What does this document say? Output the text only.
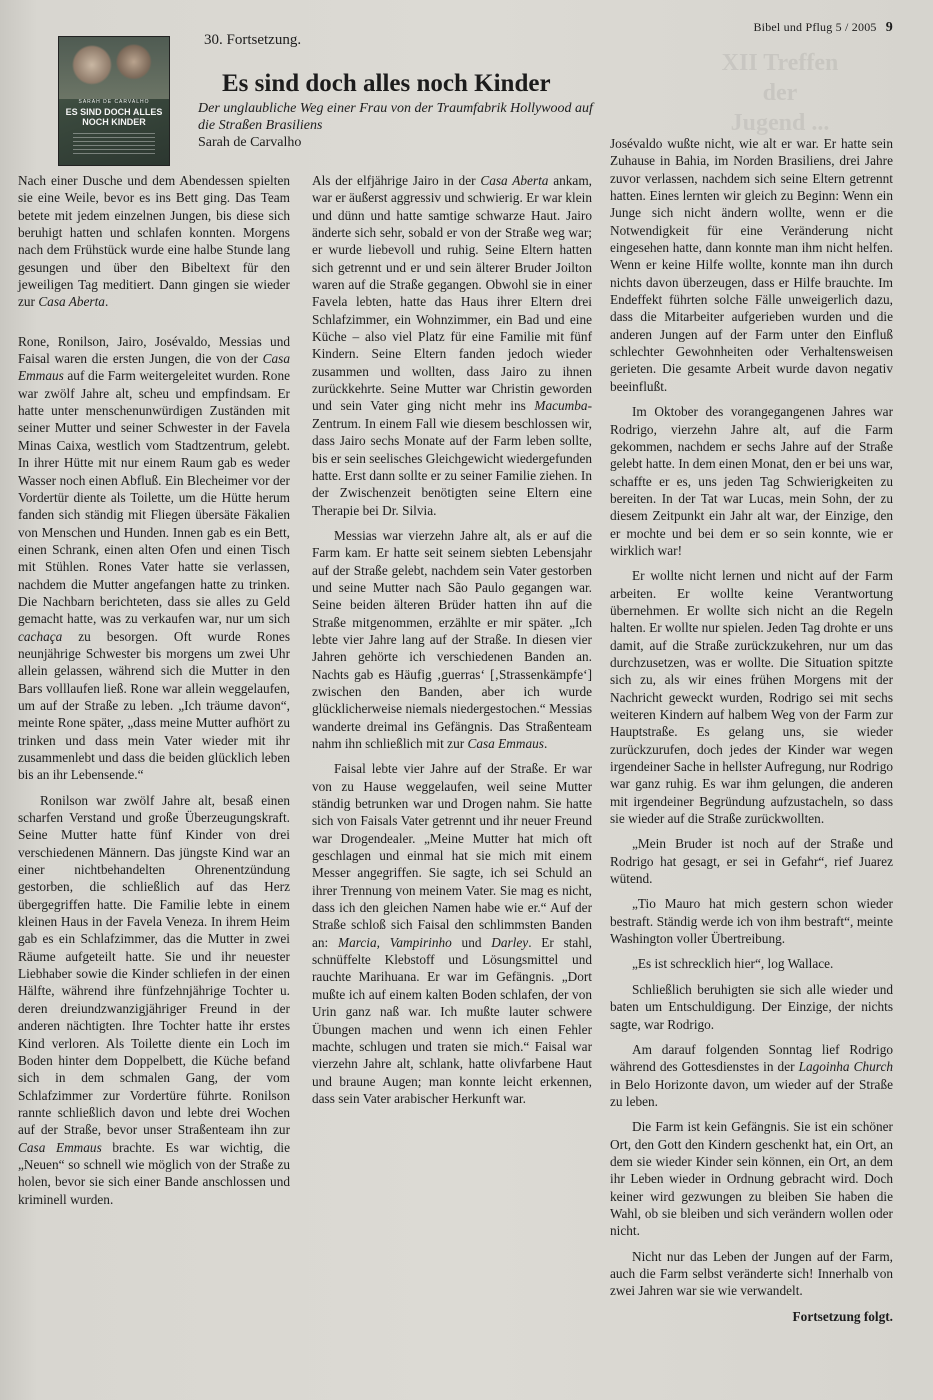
XII Treffen
der
Jugend ...
Bibel und Pflug 5 / 2005 9
SARAH DE CARVALHO
ES SIND DOCH ALLES
NOCH KINDER
30. Fortsetzung.
Es sind doch alles noch Kinder
Der unglaubliche Weg einer Frau von der Traumfabrik Hollywood auf die Straßen Brasiliens
Sarah de Carvalho

Nach einer Dusche und dem Abendessen spielten sie eine Weile, bevor es ins Bett ging. Das Team betete mit jedem einzelnen Jungen, bis diese sich beruhigt hatten und schlafen konnten. Morgens nach dem Frühstück wurde eine halbe Stunde lang gesungen und über den Bibeltext für den jeweiligen Tag meditiert. Dann gingen sie wieder zur Casa Aberta.

Rone, Ronilson, Jairo, Josévaldo, Messias und Faisal waren die ersten Jungen, die von der Casa Emmaus auf die Farm weitergeleitet wurden. Rone war zwölf Jahre alt, scheu und empfindsam. Er hatte unter menschenunwürdigen Zuständen mit seiner Mutter und seiner Schwester in der Favela Minas Caixa, westlich vom Stadtzentrum, gelebt. In ihrer Hütte mit nur einem Raum gab es weder Wasser noch einen Abfluß. Ein Blecheimer vor der Vordertür diente als Toilette, um die Hütte herum fanden sich ständig mit Fliegen übersäte Fäkalien von Menschen und Hunden. Innen gab es ein Bett, einen Schrank, einen alten Ofen und einen Tisch mit Stühlen. Rones Vater hatte sie verlassen, nachdem die Mutter angefangen hatte zu trinken. Die Nachbarn berichteten, dass sie alles zu Geld gemacht hatte, was zu verkaufen war, nur um sich cachaça zu besorgen. Oft wurde Rones neunjährige Schwester bis morgens um zwei Uhr allein gelassen, während sich die Mutter in den Bars volllaufen ließ. Rone war allein weggelaufen, um auf der Straße zu leben. „Ich träume davon“, meinte Rone später, „dass meine Mutter aufhört zu trinken und dass mein Vater wieder mit ihr zusammenlebt und dass die beiden glücklich leben bis an ihr Lebensende.“

Ronilson war zwölf Jahre alt, besaß einen scharfen Verstand und große Überzeugungskraft. Seine Mutter hatte fünf Kinder von drei verschiedenen Männern. Das jüngste Kind war an einer nichtbehandelten Ohrenentzündung gestorben, die schließlich auf das Herz übergegriffen hatte. Die Familie lebte in einem kleinen Haus in der Favela Veneza. In ihrem Heim gab es ein Schlafzimmer, das die Mutter in zwei Räume aufgeteilt hatte. Sie und ihr neuester Liebhaber sowie die Kinder schliefen in der einen Hälfte, während ihre fünfzehnjährige Tochter u. deren dreiundzwanzigjähriger Freund in der anderen nächtigten. Ihre Tochter hatte ihr erstes Kind verloren. Als Toilette diente ein Loch im Boden hinter dem Doppelbett, die Küche befand sich in dem schmalen Gang, der vom Schlafzimmer zur Vordertüre führte. Ronilson rannte schließlich davon und lebte drei Wochen auf der Straße, bevor unser Straßenteam ihn zur Casa Emmaus brachte. Es war wichtig, die „Neuen“ so schnell wie möglich von der Straße zu holen, bevor sie sich einer Bande anschlossen und kriminell wurden.

Als der elfjährige Jairo in der Casa Aberta ankam, war er äußerst aggressiv und schwierig. Er war klein und dünn und hatte samtige schwarze Haut. Jairo änderte sich sehr, sobald er von der Straße weg war; er wurde liebevoll und ruhig. Seine Eltern hatten sich getrennt und er und sein älterer Bruder Joilton waren auf die Straße gegangen. Obwohl sie in einer Favela lebten, hatte das Haus ihrer Eltern drei Schlafzimmer, ein Wohnzimmer, ein Bad und eine Küche – also viel Platz für eine Familie mit fünf Kindern. Seine Eltern fanden jedoch wieder zusammen und wollten, dass Jairo zu ihnen zurückkehrte. Seine Mutter war Christin geworden und sein Vater ging nicht mehr ins Macumba-Zentrum. In einem Fall wie diesem beschlossen wir, dass Jairo sechs Monate auf der Farm leben sollte, bis er sein seelisches Gleichgewicht wiedergefunden hatte. Erst dann sollte er zu seiner Familie ziehen. In der Zwischenzeit benötigten seine Eltern eine Therapie bei Dr. Silvia.

Messias war vierzehn Jahre alt, als er auf die Farm kam. Er hatte seit seinem siebten Lebensjahr auf der Straße gelebt, nachdem sein Vater gestorben und seine Mutter nach São Paulo gegangen war. Seine beiden älteren Brüder hatten ihn auf die Straße mitgenommen, erzählte er mir später. „Ich lebte vier Jahre lang auf der Straße. In diesen vier Jahren gehörte ich verschiedenen Banden an. Nachts gab es Häufig ‚guerras‘ [‚Strassenkämpfe‘] zwischen den Banden, aber ich wurde glücklicherweise niemals niedergestochen.“ Messias wanderte dreimal ins Gefängnis. Das Straßenteam nahm ihn schließlich mit zur Casa Emmaus.

Faisal lebte vier Jahre auf der Straße. Er war von zu Hause weggelaufen, weil seine Mutter ständig betrunken war und Drogen nahm. Sie hatte sich von Faisals Vater getrennt und ihr neuer Freund war Drogendealer. „Meine Mutter hat mich oft geschlagen und einmal hat sie mich mit einem Messer angegriffen. Sie sagte, ich sei Schuld an ihrer Trennung von meinem Vater. Sie mag es nicht, dass ich den gleichen Namen habe wie er.“ Auf der Straße schloß sich Faisal den schlimmsten Banden an: Marcia, Vampirinho und Darley. Er stahl, schnüffelte Klebstoff und Lösungsmittel und rauchte Marihuana. Er war im Gefängnis. „Dort mußte ich auf einem kalten Boden schlafen, der von Urin ganz naß war. Ich mußte lauter schwere Übungen machen und wenn ich einen Fehler machte, schlugen und traten sie mich.“ Faisal war vierzehn Jahre alt, schlank, hatte olivfarbene Haut und braune Augen; man konnte leicht erkennen, dass sein Vater arabischer Herkunft war.

Josévaldo wußte nicht, wie alt er war. Er hatte sein Zuhause in Bahia, im Norden Brasiliens, drei Jahre zuvor verlassen, nachdem sich seine Eltern getrennt hatten. Eines lernten wir gleich zu Beginn: Wenn ein Junge sich nicht ändern wollte, wenn er die Notwendigkeit für eine Veränderung nicht eingesehen hatte, dann konnte man ihm nicht helfen. Wenn er keine Hilfe wollte, konnte man ihn durch nichts davon überzeugen, dass er Hilfe brauchte. Im Endeffekt führten solche Fälle unweigerlich dazu, dass die Mitarbeiter aufgerieben wurden und die anderen Jungen auf der Farm unter den Einfluß schlechter Gewohnheiten oder Verhaltensweisen gerieten. Die gesamte Arbeit wurde davon negativ beeinflußt.

Im Oktober des vorangegangenen Jahres war Rodrigo, vierzehn Jahre alt, auf die Farm gekommen, nachdem er sechs Jahre auf der Straße gelebt hatte. In dem einen Monat, den er bei uns war, schaffte er es, uns jeden Tag Schwierigkeiten zu bereiten. In der Tat war Lucas, mein Sohn, der zu diesem Zeitpunkt ein Jahr alt war, der Einzige, den er mochte und bei dem er so sein konnte, wie er wirklich war!

Er wollte nicht lernen und nicht auf der Farm arbeiten. Er wollte keine Verantwortung übernehmen. Er wollte sich nicht an die Regeln halten. Er wollte nur spielen. Jeden Tag drohte er uns damit, auf die Straße zurückzukehren, nur um das durchzusetzen, was er wollte. Die Situation spitzte sich zu, als wir eines frühen Morgens mit der Nachricht geweckt wurden, Rodrigo sei mit sechs weiteren Kindern auf halbem Weg von der Farm zur Hauptstraße. Es gelang uns, sie wieder zurückzurufen, doch jedes der Kinder war wegen irgendeiner Sache in hellster Aufregung, nur Rodrigo war ganz ruhig. Es war ihm gelungen, die anderen mit irgendeiner Begründung aufzustacheln, so dass sie wieder auf die Straße zurückwollten.

„Mein Bruder ist noch auf der Straße und Rodrigo hat gesagt, er sei in Gefahr“, rief Juarez wütend.

„Tio Mauro hat mich gestern schon wieder bestraft. Ständig werde ich von ihm bestraft“, meinte Washington voller Übertreibung.

„Es ist schrecklich hier“, log Wallace.

Schließlich beruhigten sie sich alle wieder und baten um Entschuldigung. Der Einzige, der nichts sagte, war Rodrigo.

Am darauf folgenden Sonntag lief Rodrigo während des Gottesdienstes in der Lagoinha Church in Belo Horizonte davon, um wieder auf der Straße zu leben.

Die Farm ist kein Gefängnis. Sie ist ein schöner Ort, den Gott den Kindern geschenkt hat, ein Ort, an dem sie wieder Kinder sein können, ein Ort, an dem ihr Leben wieder in Ordnung gebracht wird. Doch keiner wird gezwungen zu bleiben Sie haben die Wahl, ob sie bleiben und sich verändern wollen oder nicht.

Nicht nur das Leben der Jungen auf der Farm, auch die Farm selbst veränderte sich! Innerhalb von zwei Jahren war sie wie verwandelt.

Fortsetzung folgt.
